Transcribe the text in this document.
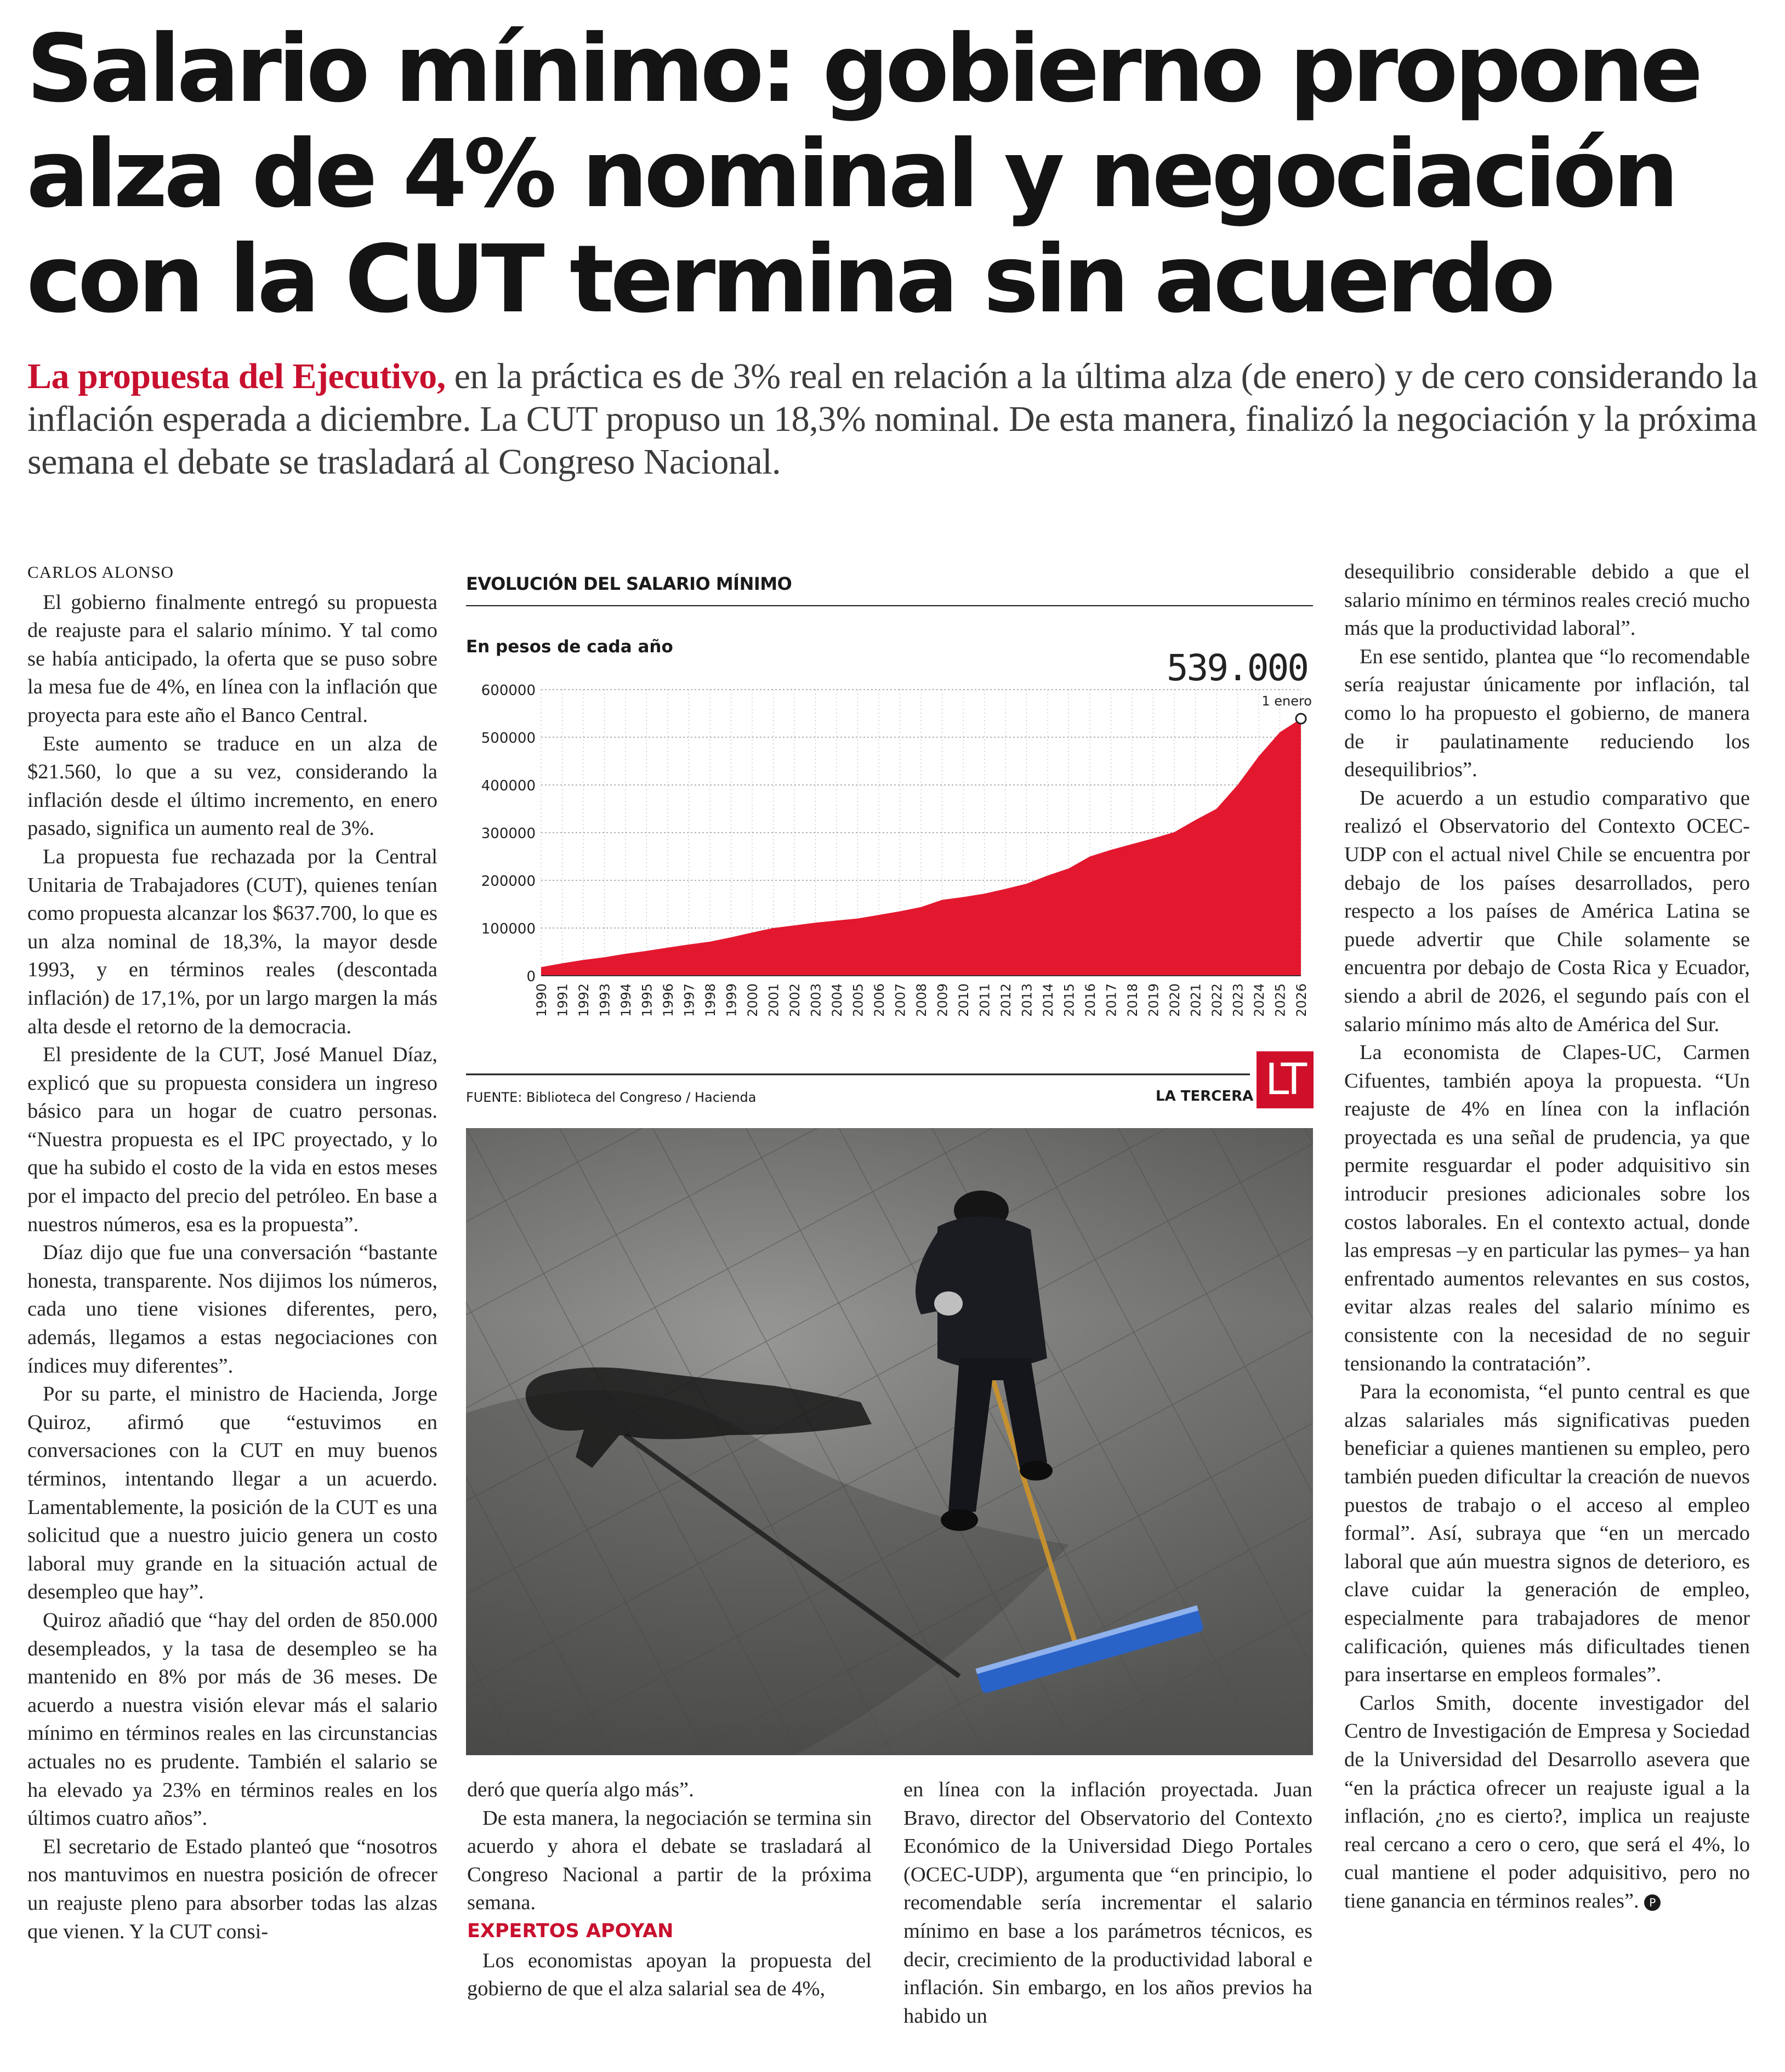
Salario mínimo: gobierno propone alza de 4% nominal y negociación con la CUT termina sin acuerdo
La propuesta del Ejecutivo, en la práctica es de 3% real en relación a la última alza (de enero) y de cero considerando la inflación esperada a diciembre. La CUT propuso un 18,3% nominal. De esta manera, finalizó la negociación y la próxima semana el debate se trasladará al Congreso Nacional.

CARLOS ALONSO

El gobierno finalmente entregó su propuesta de reajuste para el salario mínimo. Y tal como se había anticipado, la oferta que se puso sobre la mesa fue de 4%, en línea con la inflación que proyecta para este año el Banco Central.

Este aumento se traduce en un alza de $21.560, lo que a su vez, considerando la inflación desde el último incremento, en enero pasado, significa un aumento real de 3%.

La propuesta fue rechazada por la Central Unitaria de Trabajadores (CUT), quienes tenían como propuesta alcanzar los $637.700, lo que es un alza nominal de 18,3%, la mayor desde 1993, y en términos reales (descontada inflación) de 17,1%, por un largo margen la más alta desde el retorno de la democracia.

El presidente de la CUT, José Manuel Díaz, explicó que su propuesta considera un ingreso básico para un hogar de cuatro personas. “Nuestra propuesta es el IPC proyectado, y lo que ha subido el costo de la vida en estos meses por el impacto del precio del petróleo. En base a nuestros números, esa es la propuesta”.

Díaz dijo que fue una conversación “bastante honesta, transparente. Nos dijimos los números, cada uno tiene visiones diferentes, pero, además, llegamos a estas negociaciones con índices muy diferentes”.

Por su parte, el ministro de Hacienda, Jorge Quiroz, afirmó que “estuvimos en conversaciones con la CUT en muy buenos términos, intentando llegar a un acuerdo. Lamentablemente, la posición de la CUT es una solicitud que a nuestro juicio genera un costo laboral muy grande en la situación actual de desempleo que hay”.

Quiroz añadió que “hay del orden de 850.000 desempleados, y la tasa de desempleo se ha mantenido en 8% por más de 36 meses. De acuerdo a nuestra visión elevar más el salario mínimo en términos reales en las circunstancias actuales no es prudente. También el salario se ha elevado ya 23% en términos reales en los últimos cuatro años”.

El secretario de Estado planteó que “nosotros nos mantuvimos en nuestra posición de ofrecer un reajuste pleno para absorber todas las alzas que vienen. Y la CUT consi-

0
100000
200000
300000
400000
500000
600000
1990 1991 1992 1993 1994 1995 1996 1997 1998 1999 2000 2001 2002 2003 2004 2005 2006 2007 2008 2009 2010 2011 2012 2013 2014 2015 2016 2017 2018 2019 2020 2021 2022 2023 2024 2025 2026
539.000
1 enero
EVOLUCIÓN DEL SALARIO MÍNIMO
En pesos de cada año
FUENTE: Biblioteca del Congreso / Hacienda	LA TERCERA LT

deró que quería algo más”.

De esta manera, la negociación se termina sin acuerdo y ahora el debate se trasladará al Congreso Nacional a partir de la próxima semana.

EXPERTOS APOYAN

Los economistas apoyan la propuesta del gobierno de que el alza salarial sea de 4%,

en línea con la inflación proyectada. Juan Bravo, director del Observatorio del Contexto Económico de la Universidad Diego Portales (OCEC-UDP), argumenta que “en principio, lo recomendable sería incrementar el salario mínimo en base a los parámetros técnicos, es decir, crecimiento de la productividad laboral e inflación. Sin embargo, en los años previos ha habido un

desequilibrio considerable debido a que el salario mínimo en términos reales creció mucho más que la productividad laboral”.

En ese sentido, plantea que “lo recomendable sería reajustar únicamente por inflación, tal como lo ha propuesto el gobierno, de manera de ir paulatinamente reduciendo los desequilibrios”.

De acuerdo a un estudio comparativo que realizó el Observatorio del Contexto OCEC-UDP con el actual nivel Chile se encuentra por debajo de los países desarrollados, pero respecto a los países de América Latina se puede advertir que Chile solamente se encuentra por debajo de Costa Rica y Ecuador, siendo a abril de 2026, el segundo país con el salario mínimo más alto de América del Sur.

La economista de Clapes-UC, Carmen Cifuentes, también apoya la propuesta. “Un reajuste de 4% en línea con la inflación proyectada es una señal de prudencia, ya que permite resguardar el poder adquisitivo sin introducir presiones adicionales sobre los costos laborales. En el contexto actual, donde las empresas –y en particular las pymes– ya han enfrentado aumentos relevantes en sus costos, evitar alzas reales del salario mínimo es consistente con la necesidad de no seguir tensionando la contratación”.

Para la economista, “el punto central es que alzas salariales más significativas pueden beneficiar a quienes mantienen su empleo, pero también pueden dificultar la creación de nuevos puestos de trabajo o el acceso al empleo formal”. Así, subraya que “en un mercado laboral que aún muestra signos de deterioro, es clave cuidar la generación de empleo, especialmente para trabajadores de menor calificación, quienes más dificultades tienen para insertarse en empleos formales”.

Carlos Smith, docente investigador del Centro de Investigación de Empresa y Sociedad de la Universidad del Desarrollo asevera que “en la práctica ofrecer un reajuste igual a la inflación, ¿no es cierto?, implica un reajuste real cercano a cero o cero, que será el 4%, lo cual mantiene el poder adquisitivo, pero no tiene ganancia en términos reales”. P
